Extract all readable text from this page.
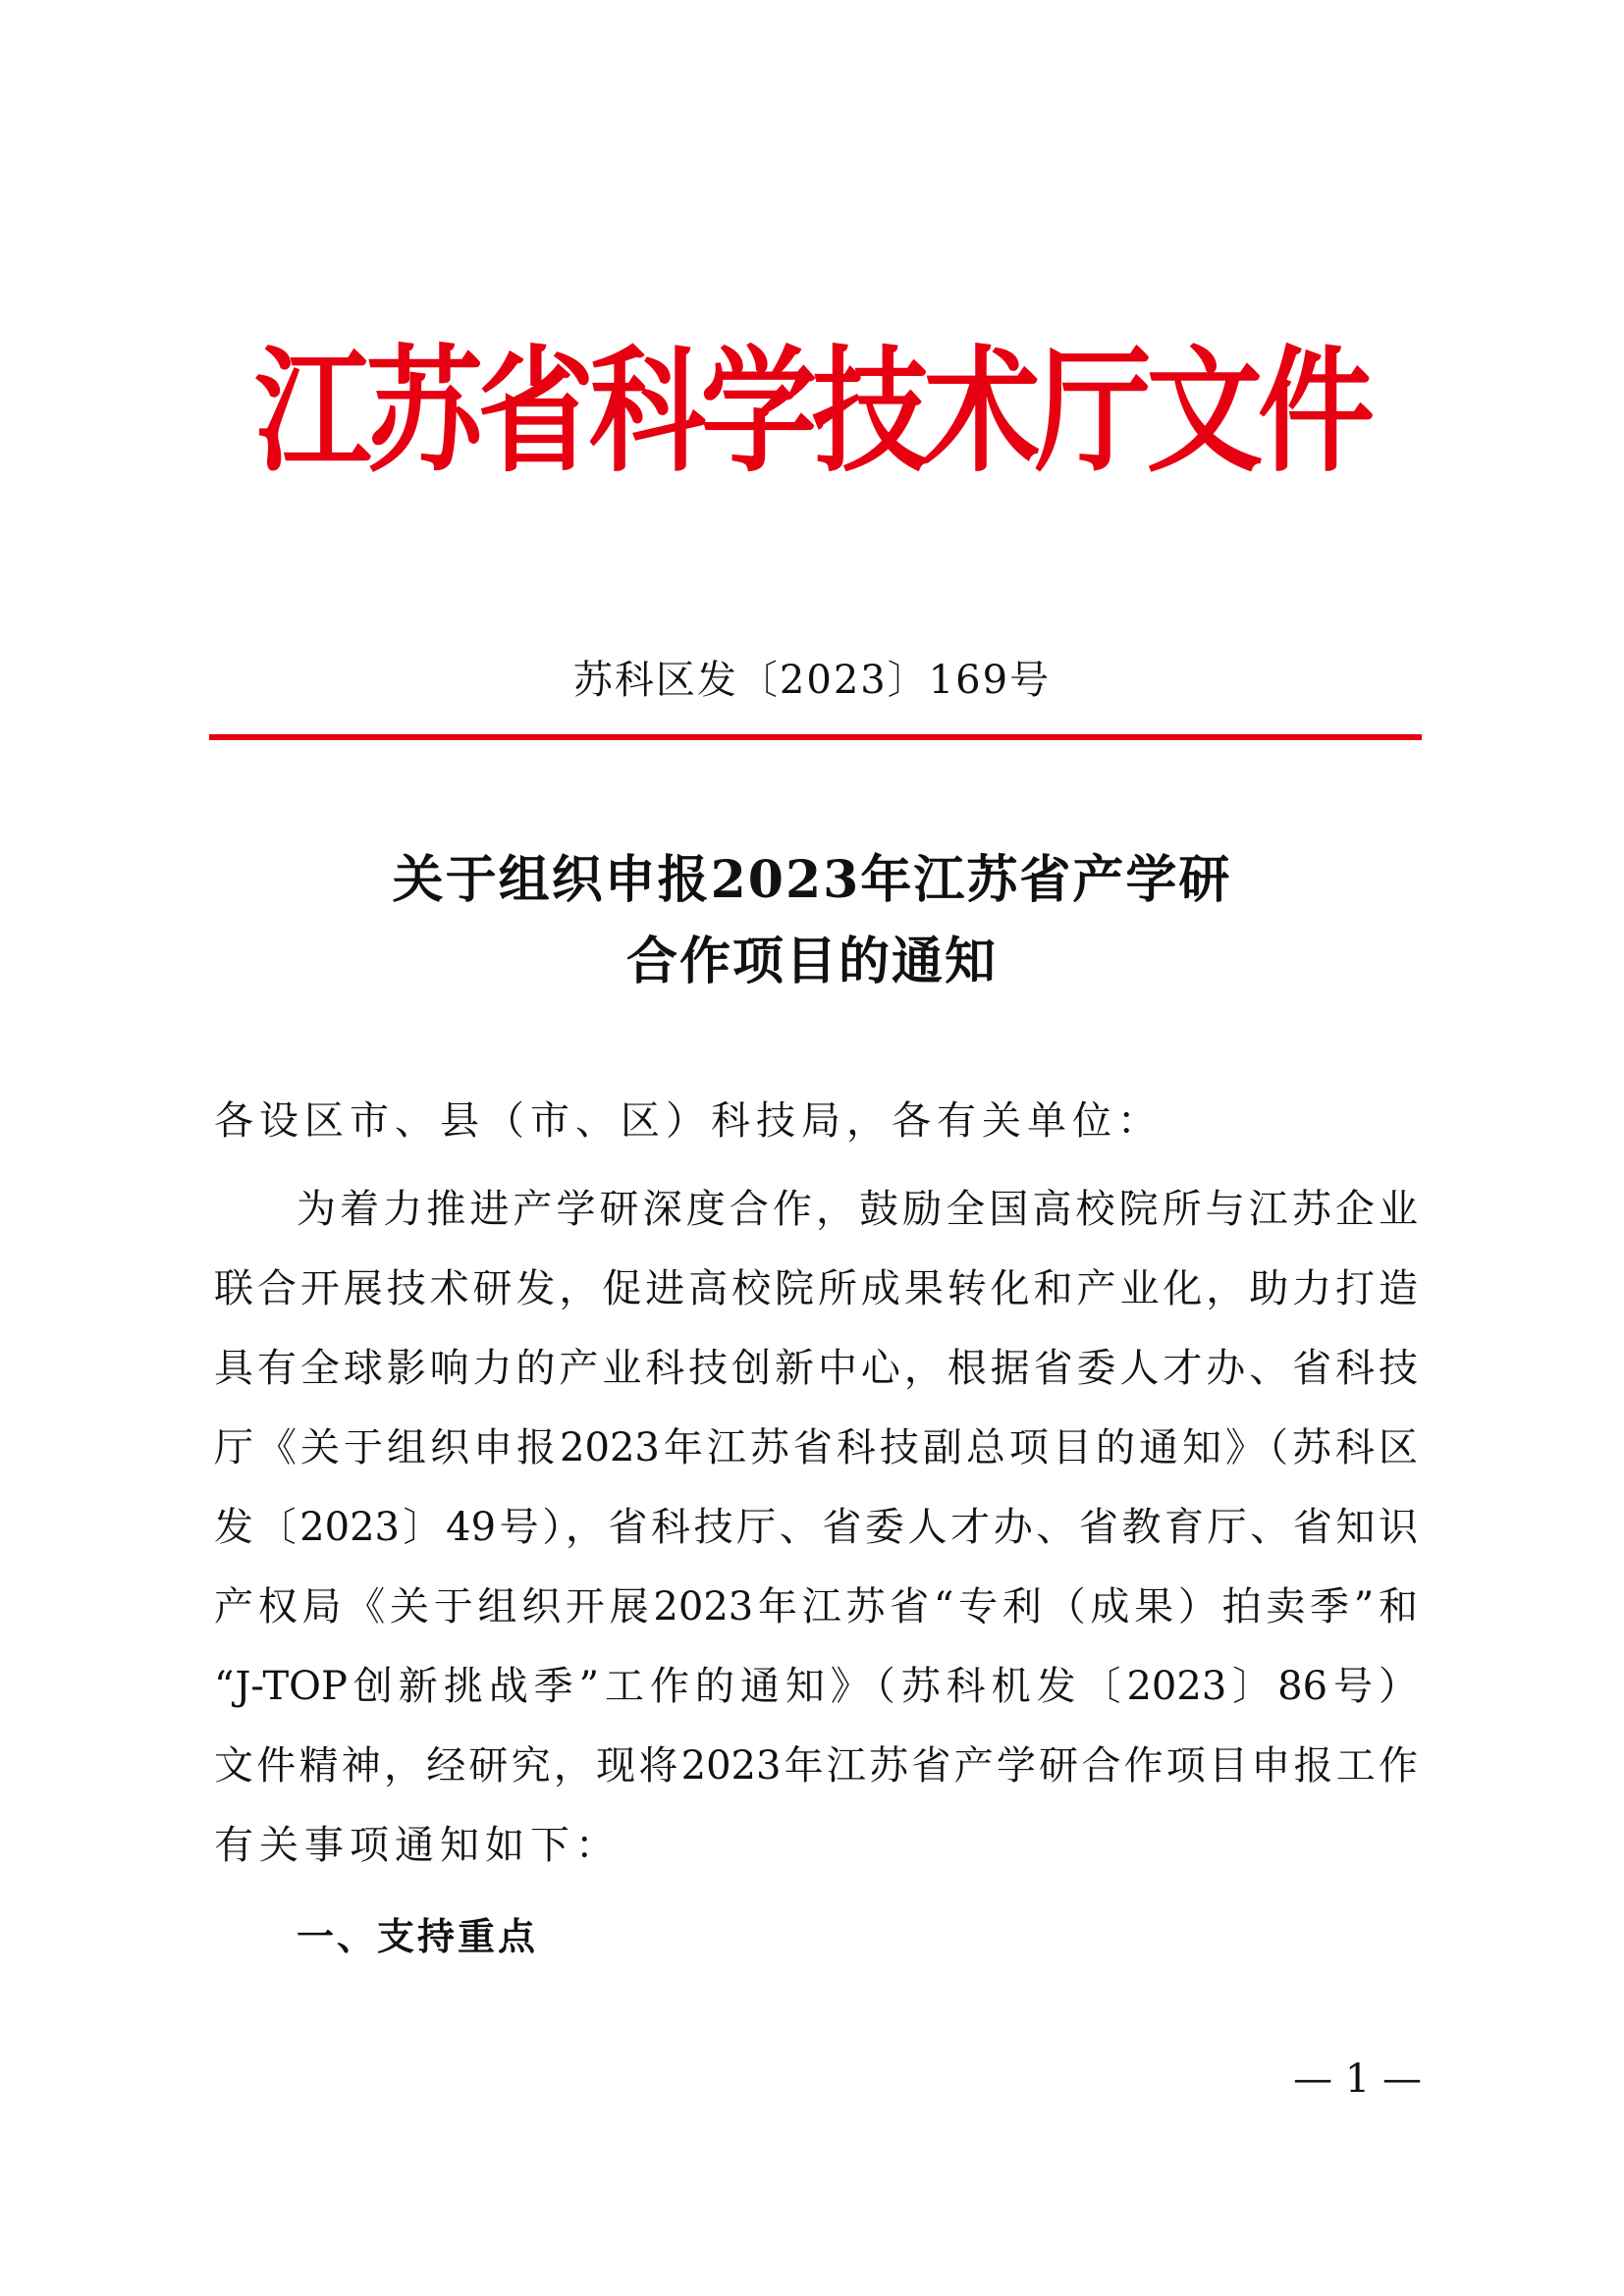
江苏省科学技术厅文件
苏科区发〔2023〕169号
关于组织申报2023年江苏省产学研
合作项目的通知
各设区市、县（市、区）科技局，各有关单位：
为着力推进产学研深度合作，鼓励全国高校院所与江苏企业
联合开展技术研发，促进高校院所成果转化和产业化，助力打造
具有全球影响力的产业科技创新中心，根据省委人才办、省科技
厅《关于组织申报2023年江苏省科技副总项目的通知》（苏科区
发〔2023〕49号），省科技厅、省委人才办、省教育厅、省知识
产权局《关于组织开展2023年江苏省“专利（成果）拍卖季”和
“J-TOP创新挑战季”工作的通知》（苏科机发〔2023〕86号）
文件精神，经研究，现将2023年江苏省产学研合作项目申报工作
有关事项通知如下：
一、支持重点
— 1 —
